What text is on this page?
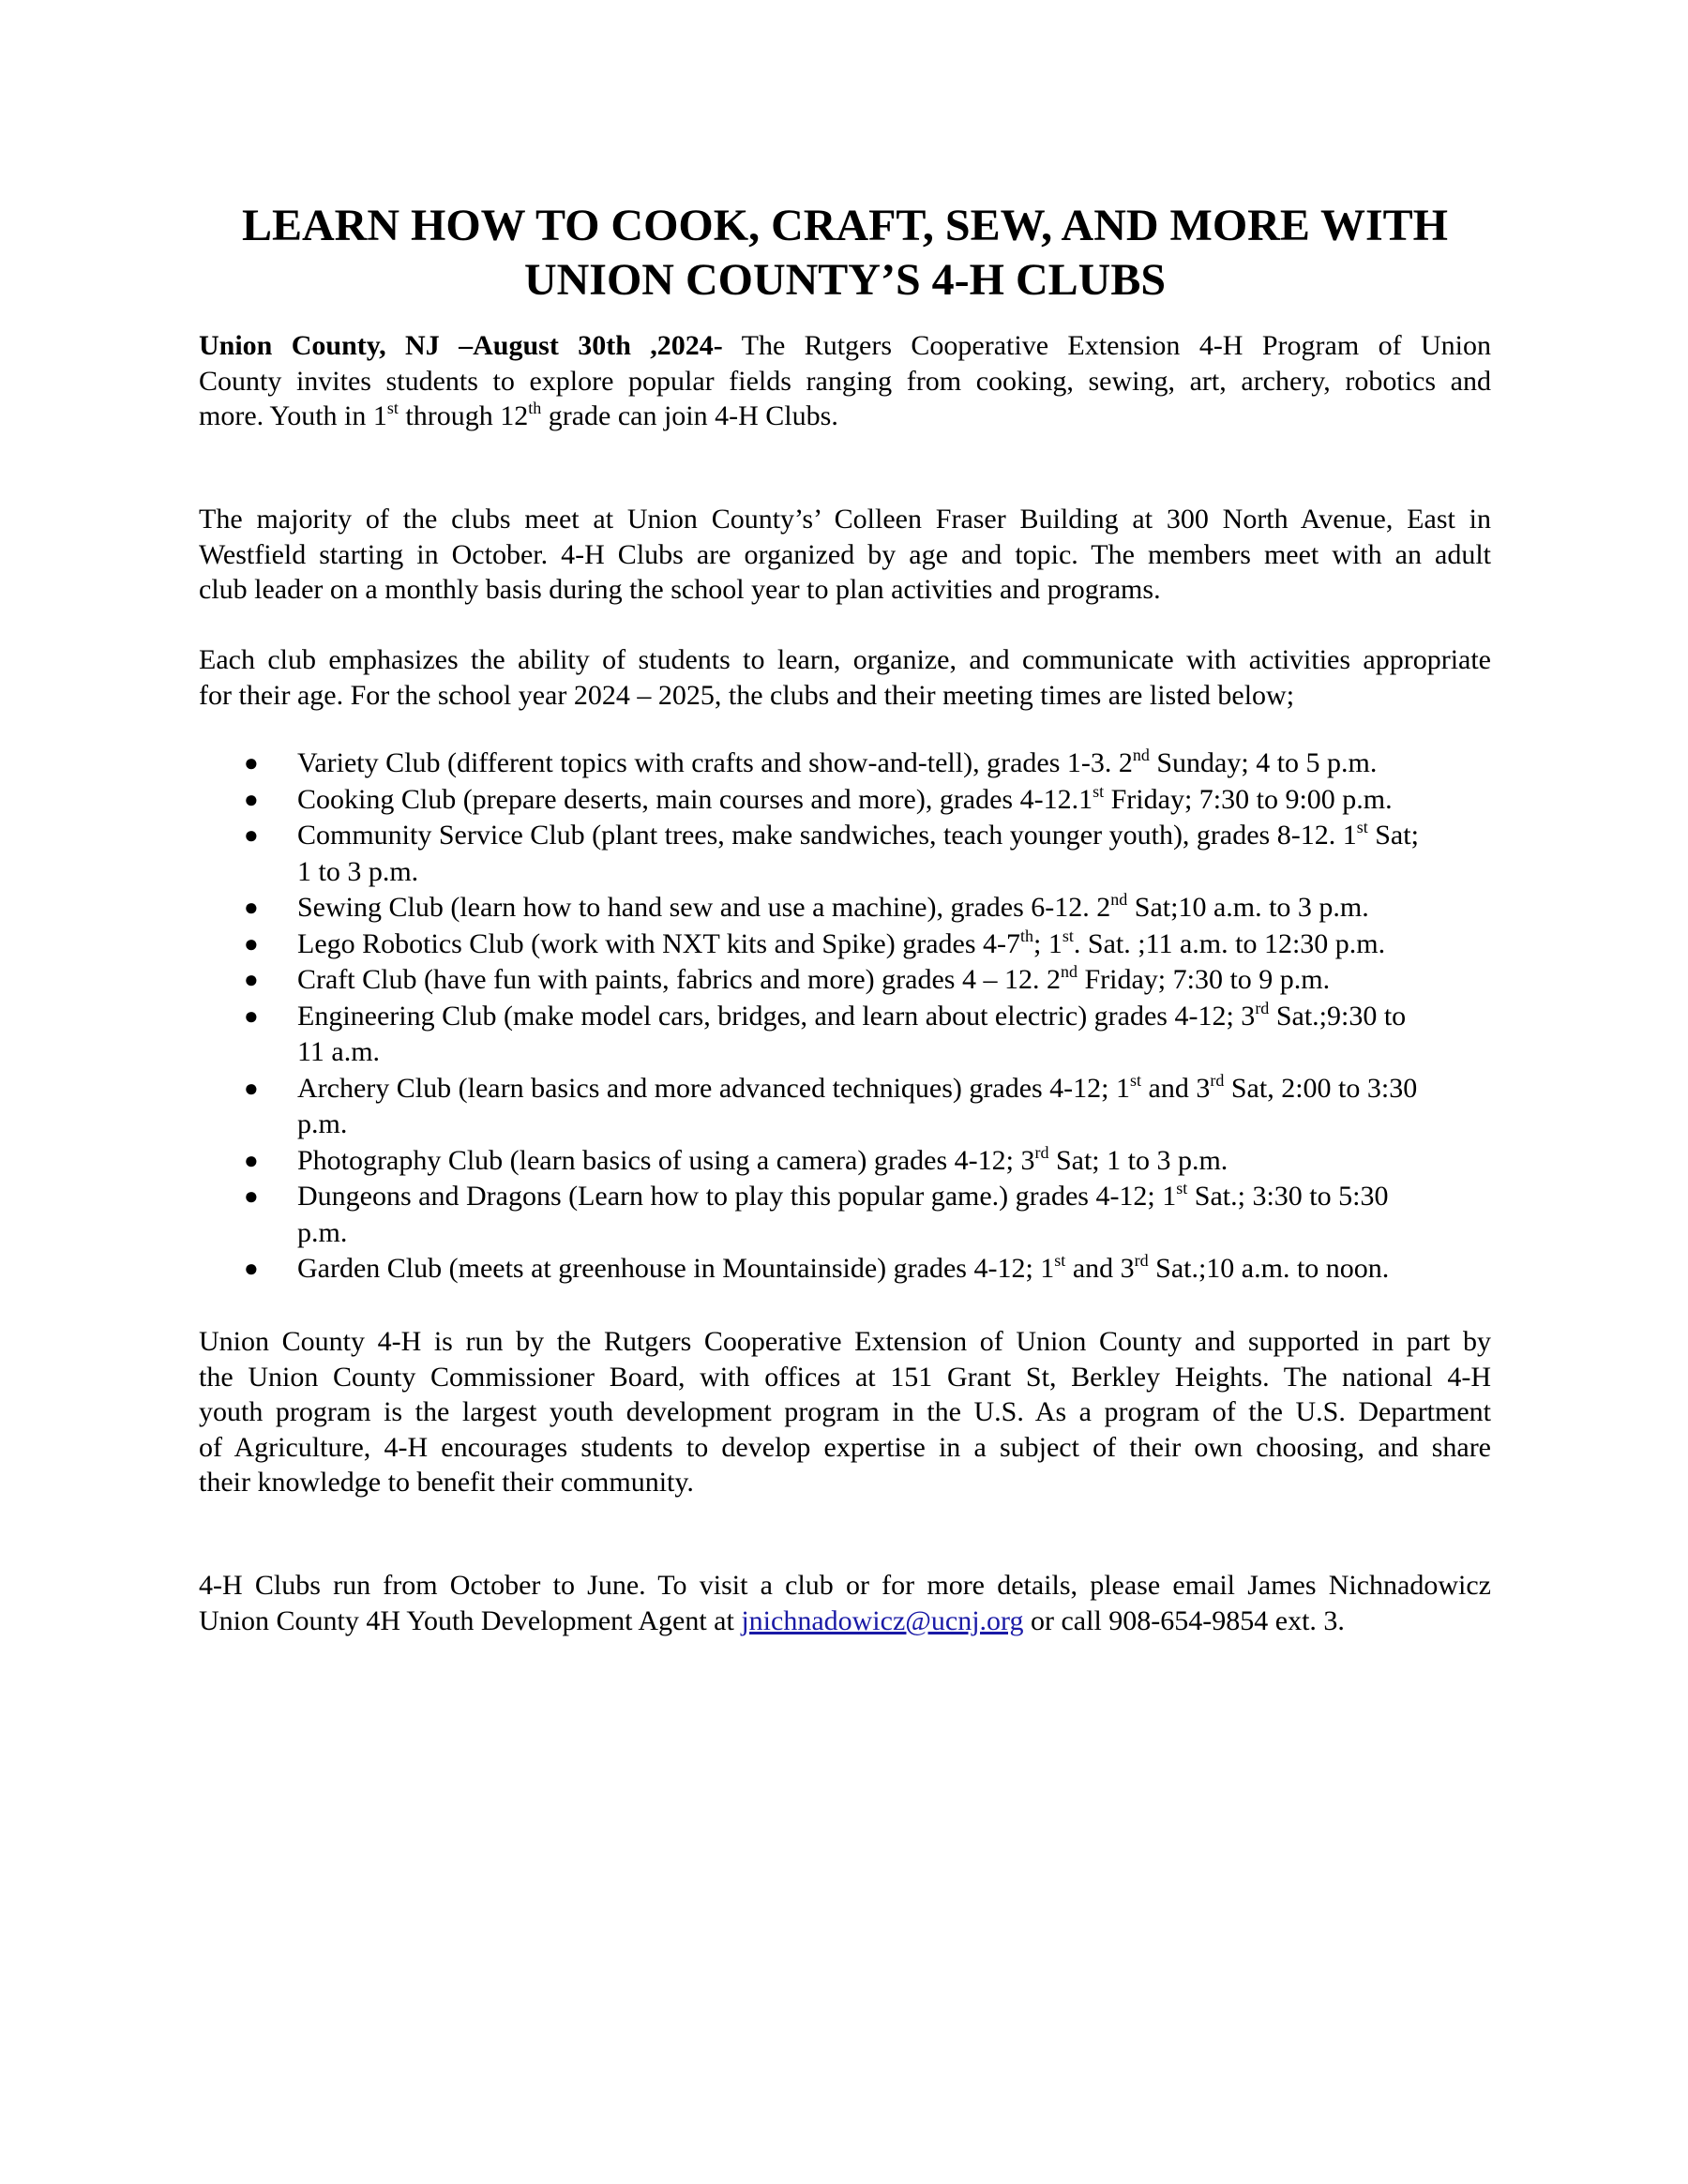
LEARN HOW TO COOK, CRAFT, SEW, AND MORE WITH
UNION COUNTY’S 4-H CLUBS
Union County, NJ –August 30th ,2024- The Rutgers Cooperative Extension 4-H Program of Union
County invites students to explore popular fields ranging from cooking, sewing, art, archery, robotics and
more. Youth in 1st through 12th grade can join 4-H Clubs.
The majority of the clubs meet at Union County’s’ Colleen Fraser Building at 300 North Avenue, East in
Westfield starting in October. 4-H Clubs are organized by age and topic. The members meet with an adult
club leader on a monthly basis during the school year to plan activities and programs.
Each club emphasizes the ability of students to learn, organize, and communicate with activities appropriate
for their age. For the school year 2024 – 2025, the clubs and their meeting times are listed below;
● Variety Club (different topics with crafts and show-and-tell), grades 1-3. 2nd Sunday; 4 to 5 p.m.
● Cooking Club (prepare deserts, main courses and more), grades 4-12.1st Friday; 7:30 to 9:00 p.m.
● Community Service Club (plant trees, make sandwiches, teach younger youth), grades 8-12. 1st Sat;
1 to 3 p.m.
● Sewing Club (learn how to hand sew and use a machine), grades 6-12. 2nd Sat;10 a.m. to 3 p.m.
● Lego Robotics Club (work with NXT kits and Spike) grades 4-7th; 1st. Sat. ;11 a.m. to 12:30 p.m.
● Craft Club (have fun with paints, fabrics and more) grades 4 – 12. 2nd Friday; 7:30 to 9 p.m.
● Engineering Club (make model cars, bridges, and learn about electric) grades 4-12; 3rd Sat.;9:30 to
11 a.m.
● Archery Club (learn basics and more advanced techniques) grades 4-12; 1st and 3rd Sat, 2:00 to 3:30
p.m.
● Photography Club (learn basics of using a camera) grades 4-12; 3rd Sat; 1 to 3 p.m.
● Dungeons and Dragons (Learn how to play this popular game.) grades 4-12; 1st Sat.; 3:30 to 5:30
p.m.
● Garden Club (meets at greenhouse in Mountainside) grades 4-12; 1st and 3rd Sat.;10 a.m. to noon.
Union County 4-H is run by the Rutgers Cooperative Extension of Union County and supported in part by
the Union County Commissioner Board, with offices at 151 Grant St, Berkley Heights. The national 4-H
youth program is the largest youth development program in the U.S. As a program of the U.S. Department
of Agriculture, 4-H encourages students to develop expertise in a subject of their own choosing, and share
their knowledge to benefit their community.
4-H Clubs run from October to June. To visit a club or for more details, please email James Nichnadowicz
Union County 4H Youth Development Agent at jnichnadowicz@ucnj.org or call 908-654-9854 ext. 3.
